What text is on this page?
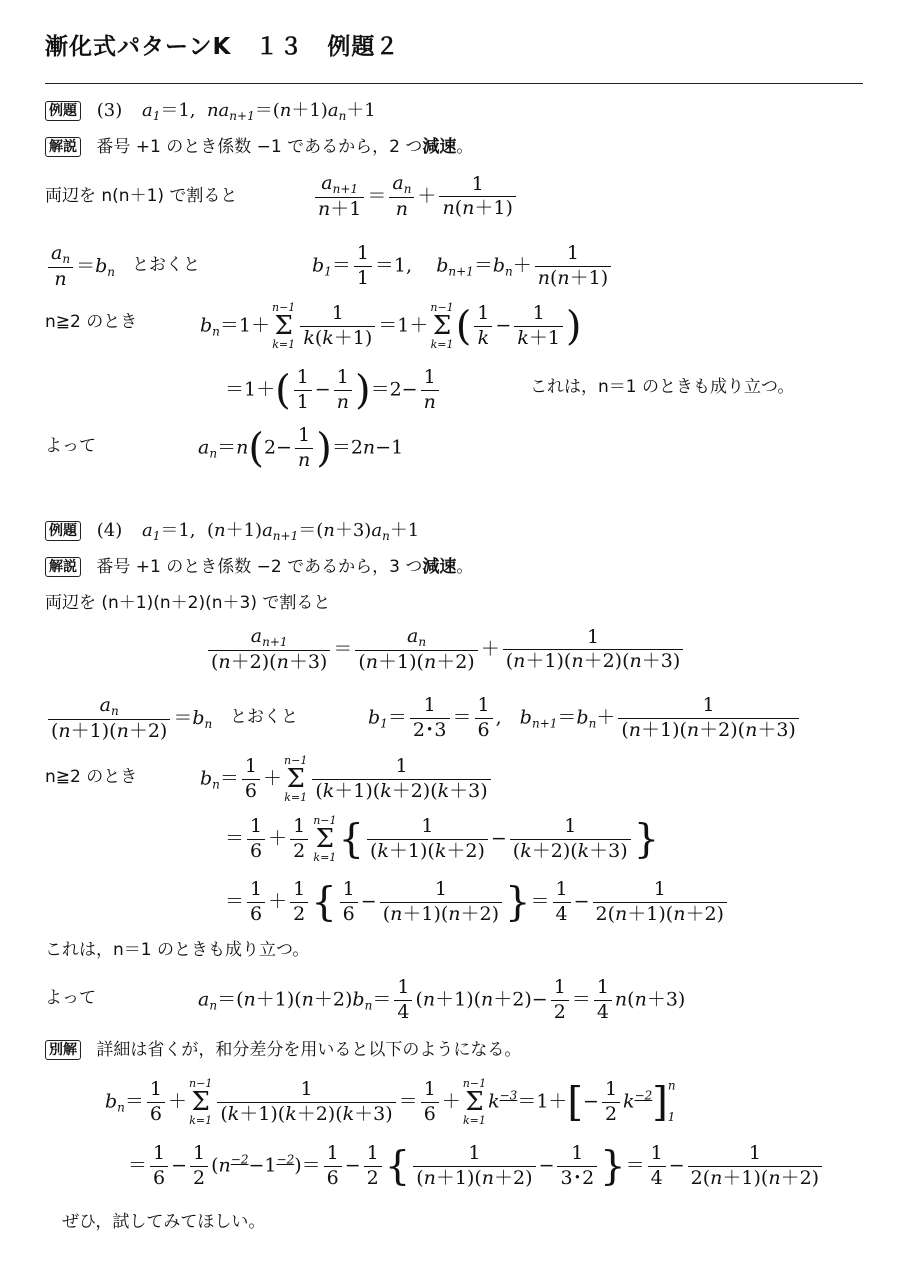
漸化式パターンK　１３　例題２
例題 (3) $a_1=1$,  $na_{n+1}=(n+1)a_n+1$
解説 番号 +1 のとき係数 −1 であるから，2 つ減速。
両辺を n(n＋1) で割ると	$\frac{a_{n+1}}{n+1} = \frac{a_n}{n} + \frac{1}{n(n+1)}$
$\frac{a_n}{n} =b_n$ とおくと	$b_1= \frac{1}{1} =1$,    $b_{n+1}=b_n+ \frac{1}{n(n+1)}$
n≧2 のとき	$b_n=1+$
n−1
Σ
$k=1 \frac{1}{k(k+1)} =1+$
n−1
Σ
k=1 ( $\frac{1}{k} - \frac{1}{k+1}$ )
$=1+( \frac{1}{1} - \frac{1}{n} )=2- \frac{1}{n}$	これは，n＝1 のときも成り立つ。
よって	$a_n=n(2- \frac{1}{n} )=2n-1$
例題 (4) $a_1=1$,  $(n+1)a_{n+1}=(n+3)a_n+1$
解説 番号 +1 のとき係数 −2 であるから，3 つ減速。
両辺を (n＋1)(n＋2)(n＋3) で割ると
$\frac{a_{n+1}}{(n+2)(n+3)} = \frac{a_n}{(n+1)(n+2)} + \frac{1}{(n+1)(n+2)(n+3)}$
$\frac{a_n}{(n+1)(n+2)} =b_n$ とおくと	$b_1= \frac{1}{2･3} = \frac{1}{6}$ ,   $b_{n+1}=b_n+ \frac{1}{(n+1)(n+2)(n+3)}$
n≧2 のとき	$b_n= \frac{1}{6}$ ＋
n−1
Σ
$k=1 \frac{1}{(k+1)(k+2)(k+3)}$
＝ $\frac{1}{6} + \frac{1}{2} n-1$
Σ
k=1 { $\frac{1}{(k+1)(k+2)} - \frac{1}{(k+2)(k+3)}$ }
＝ $\frac{1}{6} + \frac{1}{2}$ { $\frac{1}{6} - \frac{1}{(n+1)(n+2)}$ }＝ $\frac{1}{4} - \frac{1}{2(n+1)(n+2)}$
これは，n＝1 のときも成り立つ。
よって	$a_n=(n+1)(n+2)b_n= \frac{1}{4} (n+1)(n+2)- \frac{1}{2} = \frac{1}{4} n(n+3)$
別解 詳細は省くが，和分差分を用いると以下のようになる。
$b_n= \frac{1}{6}$ ＋
n−1
Σ
$k=1 \frac{1}{(k+1)(k+2)(k+3)} = \frac{1}{6}$ ＋
n−1
Σ
k=1
$k^{-3}=1+[- \frac{1}{2} k^{-2}]^n_1$
＝ $\frac{1}{6} - \frac{1}{2} (n^{-2}-1^{-2})= \frac{1}{6} - \frac{1}{2}$ { $\frac{1}{(n+1)(n+2)} - \frac{1}{3･2}$ }＝ $\frac{1}{4} - \frac{1}{2(n+1)(n+2)}$
ぜひ，試してみてほしい。
